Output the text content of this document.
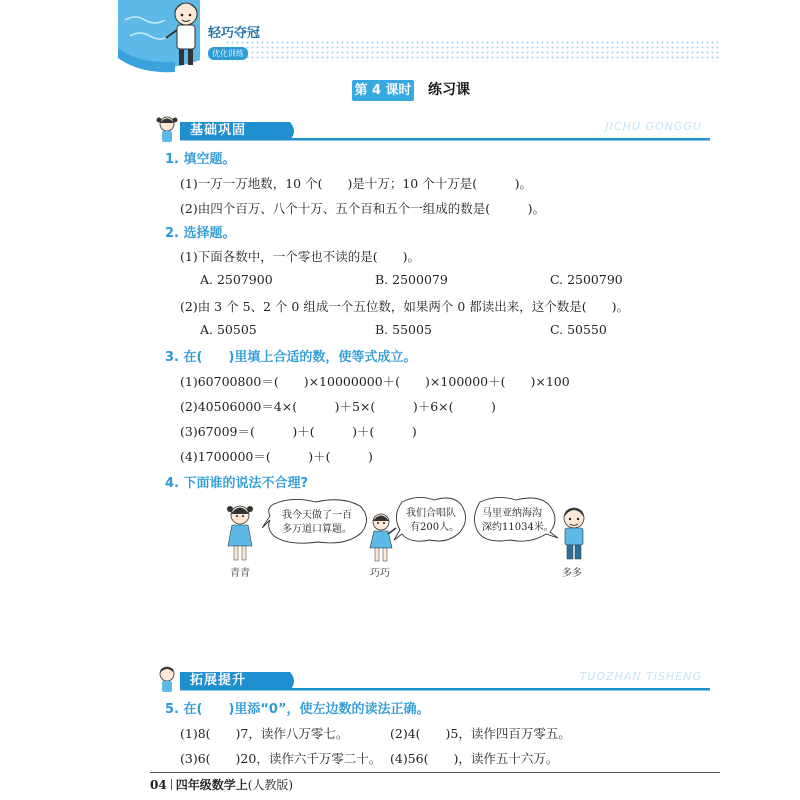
轻巧夺冠
优化训练
第 4 课时 练习课
基础巩固	JICHU GONGGU
1. 填空题。
(1)一万一万地数，10 个(　　)是十万；10 个十万是(　　　)。
(2)由四个百万、八个十万、五个百和五个一组成的数是(　　　)。
2. 选择题。
(1)下面各数中，一个零也不读的是(　　)。
A. 2507900	B. 2500079	C. 2500790
(2)由 3 个 5、2 个 0 组成一个五位数，如果两个 0 都读出来，这个数是(　　)。
A. 50505	B. 55005	C. 50550
3. 在(　　)里填上合适的数，使等式成立。
(1)60700800＝(　　)×10000000＋(　　)×100000＋(　　)×100
(2)40506000＝4×(　　　)＋5×(　　　)＋6×(　　　)
(3)67009＝(　　　)＋(　　　)＋(　　　)
(4)1700000＝(　　　)＋(　　　)
4. 下面谁的说法不合理?
青青
我今天做了一百
多万道口算题。
巧巧
我们合唱队
有200人。
马里亚纳海沟
深约11034米。
多多
拓展提升	TUOZHAN TISHENG
5. 在(　　)里添“0”，使左边数的读法正确。
(1)8(　　)7，读作八万零七。	(2)4(　　)5，读作四百万零五。
(3)6(　　)20，读作六千万零二十。 (4)56(　　)，读作五十六万。
04 四年级数学上(人教版)
